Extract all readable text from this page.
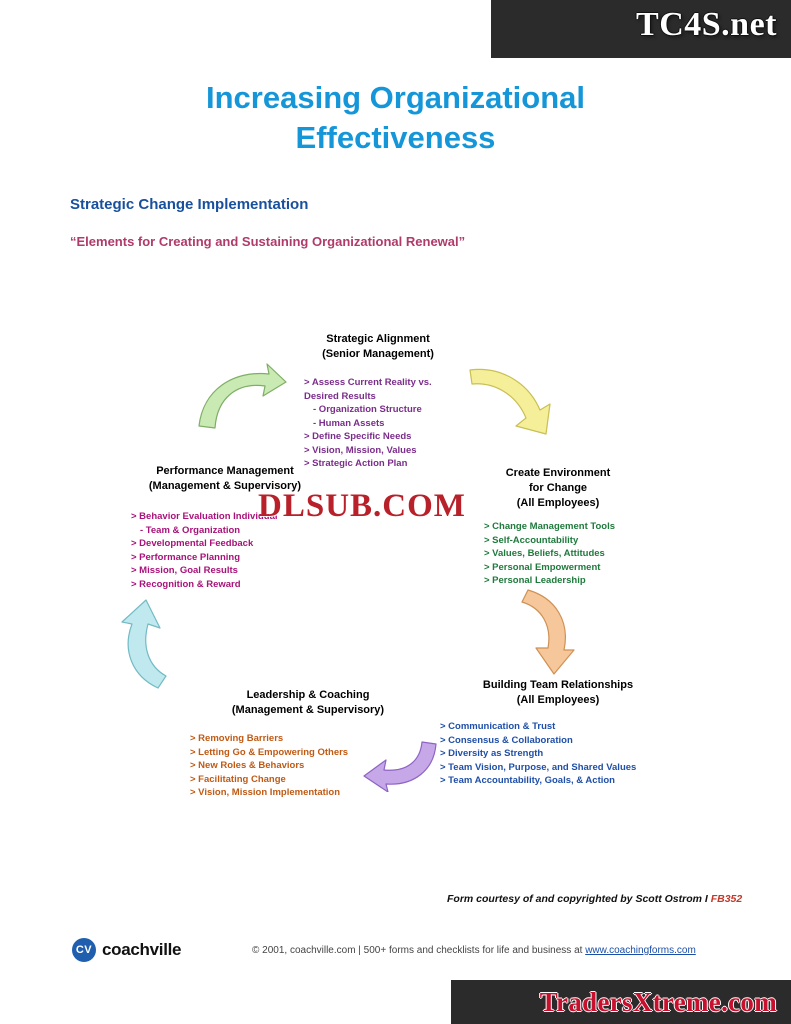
TC4S.net
Increasing Organizational
Effectiveness
Strategic Change Implementation
“Elements for Creating and Sustaining Organizational Renewal”
Strategic Alignment
(Senior Management)
> Assess Current Reality vs.
Desired Results
- Organization Structure
- Human Assets
> Define Specific Needs
> Vision, Mission, Values
> Strategic Action Plan
Create Environment
for Change
(All Employees)
> Change Management Tools
> Self-Accountability
> Values, Beliefs, Attitudes
> Personal Empowerment
> Personal Leadership
Building Team Relationships
(All Employees)
> Communication & Trust
> Consensus & Collaboration
> Diversity as Strength
> Team Vision, Purpose, and Shared Values
> Team Accountability, Goals, & Action
Leadership & Coaching
(Management & Supervisory)
> Removing Barriers
> Letting Go & Empowering Others
> New Roles & Behaviors
> Facilitating Change
> Vision, Mission Implementation
Performance Management
(Management & Supervisory)
> Behavior Evaluation Individual
- Team & Organization
> Developmental Feedback
> Performance Planning
> Mission, Goal Results
> Recognition & Reward
DLSUB.COM
Form courtesy of and copyrighted by Scott Ostrom I FB352
CV coachville	© 2001, coachville.com | 500+ forms and checklists for life and business at www.coachingforms.com
TradersXtreme.com
